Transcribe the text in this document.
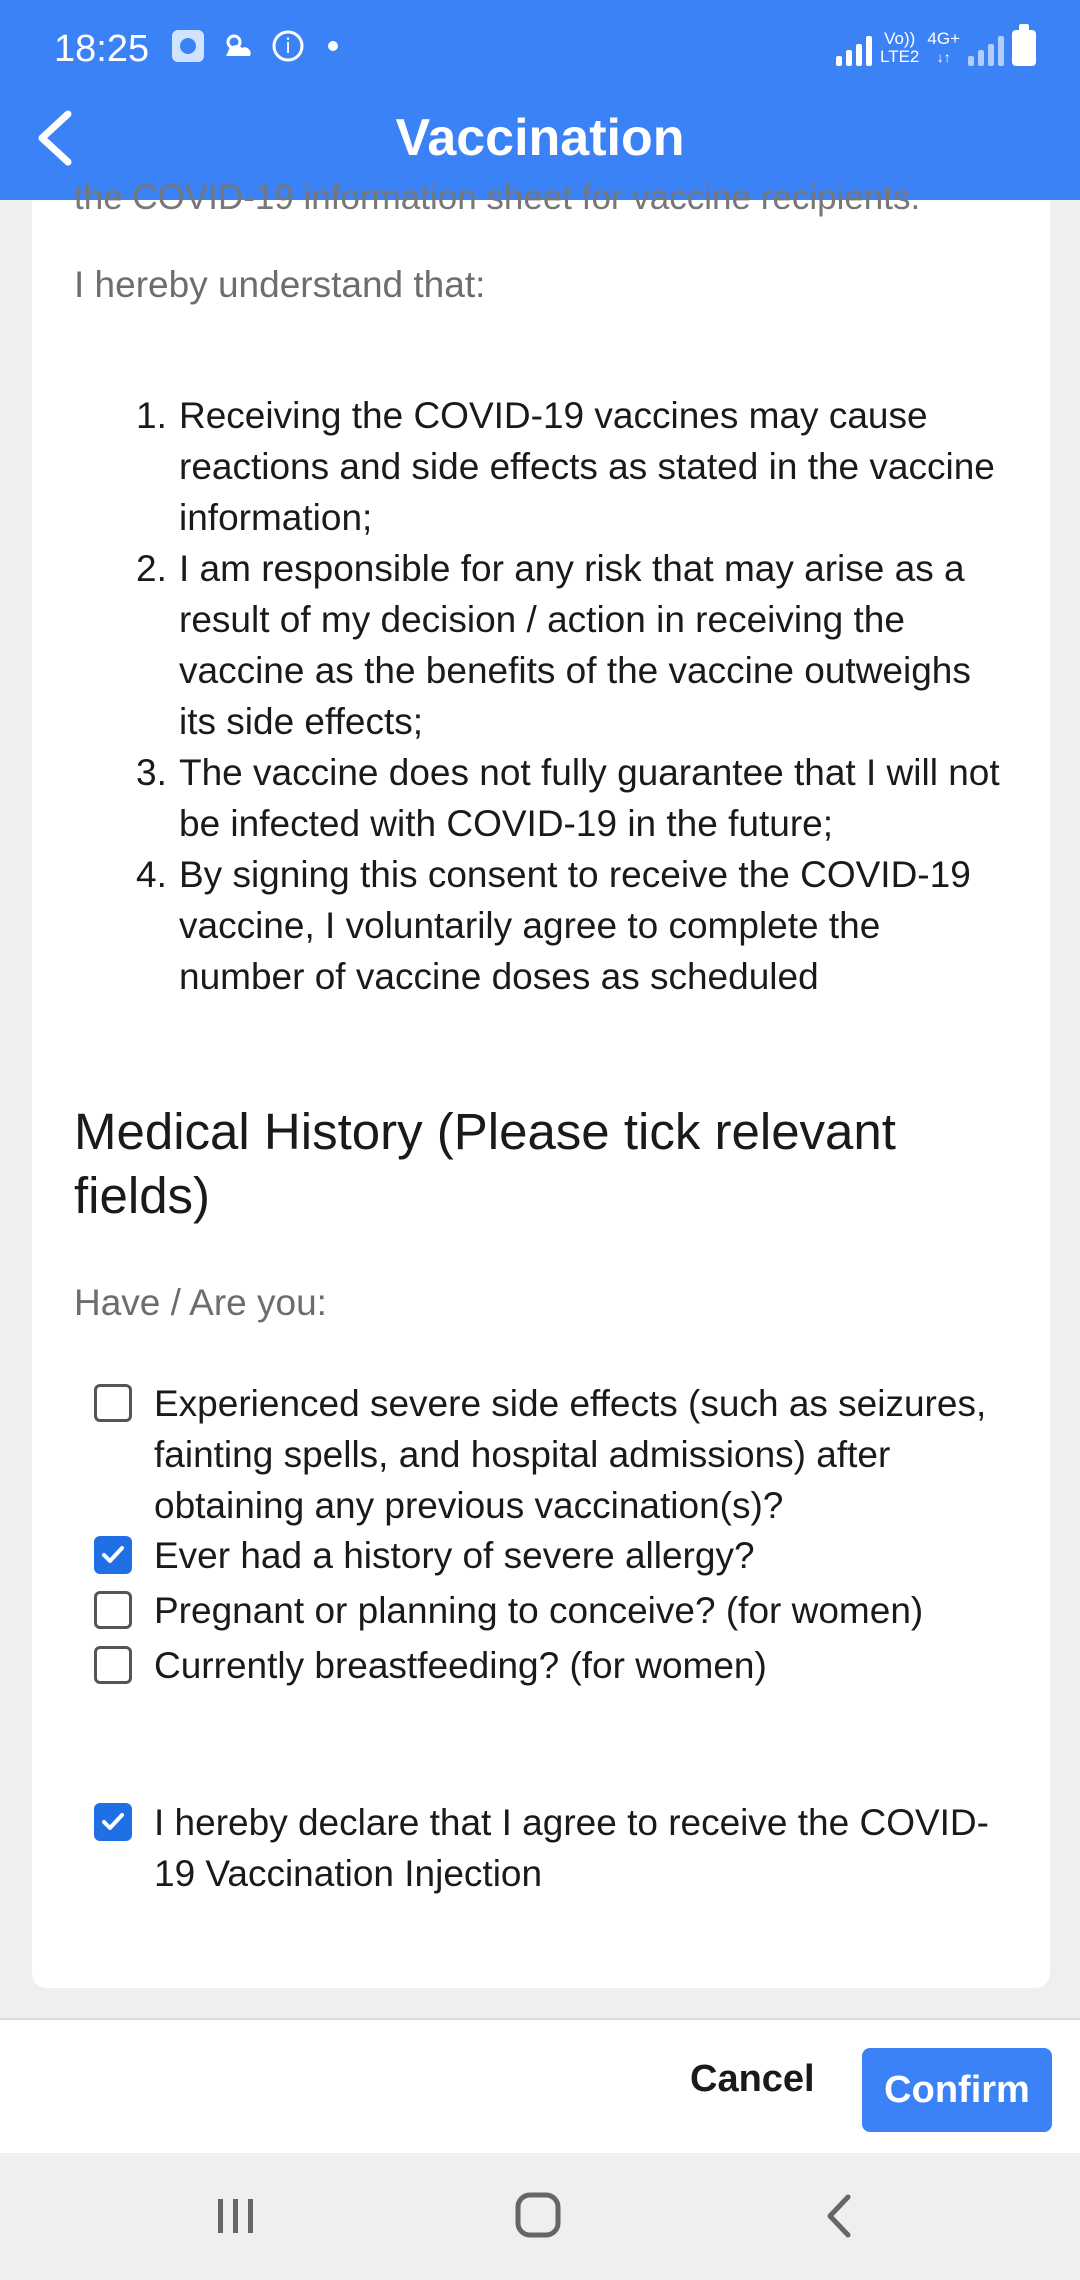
18:25	i	Vo))
LTE2
4G+
↓↑
Vaccination
the COVID-19 information sheet for vaccine recipients.
I hereby understand that:
1. Receiving the COVID-19 vaccines may cause reactions and side effects as stated in the vaccine information;
2. I am responsible for any risk that may arise as a result of my decision / action in receiving the vaccine as the benefits of the vaccine outweighs its side effects;
3. The vaccine does not fully guarantee that I will not be infected with COVID-19 in the future;
4. By signing this consent to receive the COVID-19 vaccine, I voluntarily agree to complete the number of vaccine doses as scheduled
Medical History (Please tick relevant fields)
Have / Are you:
Experienced severe side effects (such as seizures, fainting spells, and hospital admissions) after obtaining any previous vaccination(s)?
Ever had a history of severe allergy?
Pregnant or planning to conceive? (for women)
Currently breastfeeding? (for women)
I hereby declare that I agree to receive the COVID-19 Vaccination Injection
Cancel	Confirm
